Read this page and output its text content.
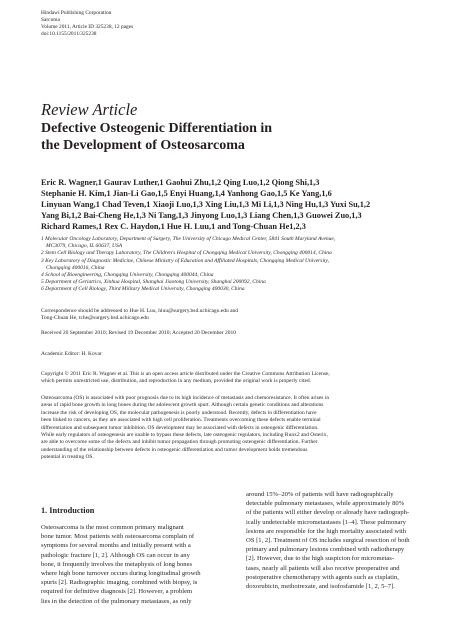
Hindawi Publishing Corporation
Sarcoma
Volume 2011, Article ID 325238, 12 pages
doi:10.1155/2011/325238
Review Article
Defective Osteogenic Differentiation in
the Development of Osteosarcoma
Eric R. Wagner,1 Gaurav Luther,1 Gaohui Zhu,1,2 Qing Luo,1,2 Qiong Shi,1,3
Stephanie H. Kim,1 Jian-Li Gao,1,5 Enyi Huang,1,4 Yanhong Gao,1,5 Ke Yang,1,6
Linyuan Wang,1 Chad Teven,1 Xiaoji Luo,1,3 Xing Liu,1,3 Mi Li,1,3 Ning Hu,1,3 Yuxi Su,1,2
Yang Bi,1,2 Bai-Cheng He,1,3 Ni Tang,1,3 Jinyong Luo,1,3 Liang Chen,1,3 Guowei Zuo,1,3
Richard Rames,1 Rex C. Haydon,1 Hue H. Luu,1 and Tong-Chuan He1,2,3
1 Molecular Oncology Laboratory, Department of Surgery, The University of Chicago Medical Center, 5841 South Maryland Avenue,
MC3079, Chicago, IL 60637, USA
2 Stem Cell Biology and Therapy Laboratory, The Children's Hospital of Chongqing Medical University, Chongqing 400014, China
3 Key Laboratory of Diagnostic Medicine, Chinese Ministry of Education and Affiliated Hospitals, Chongqing Medical University,
Chongqing 400016, China
4 School of Bioengineering, Chongqing University, Chongqing 400044, China
5 Department of Geriatrics, Xinhua Hospital, Shanghai Jiaotong University, Shanghai 200092, China
6 Department of Cell Biology, Third Military Medical University, Chongqing 400030, China
Correspondence should be addressed to Hue H. Luu, hluu@surgery.bsd.uchicago.edu and
Tong-Chuan He, tche@surgery.bsd.uchicago.edu
Received 20 September 2010; Revised 19 December 2010; Accepted 20 December 2010
Academic Editor: H. Kovar
Copyright © 2011 Eric R. Wagner et al. This is an open access article distributed under the Creative Commons Attribution License,
which permits unrestricted use, distribution, and reproduction in any medium, provided the original work is properly cited.
Osteosarcoma (OS) is associated with poor prognosis due to its high incidence of metastasis and chemoresistance. It often arises in
areas of rapid bone growth in long bones during the adolescent growth spurt. Although certain genetic conditions and alterations
increase the risk of developing OS, the molecular pathogenesis is poorly understood. Recently, defects in differentiation have
been linked to cancers, as they are associated with high cell proliferation. Treatments overcoming these defects enable terminal
differentiation and subsequent tumor inhibition. OS development may be associated with defects in osteogenic differentiation.
While early regulators of osteogenesis are unable to bypass these defects, late osteogenic regulators, including Runx2 and Osterix,
are able to overcome some of the defects and inhibit tumor propagation through promoting osteogenic differentiation. Further
understanding of the relationship between defects in osteogenic differentiation and tumor development holds tremendous
potential in treating OS.
1. Introduction
Osteosarcoma is the most common primary malignant
bone tumor. Most patients with osteosarcoma complain of
symptoms for several months and initially present with a
pathologic fracture [1, 2]. Although OS can occur in any
bone, it frequently involves the metaphysis of long bones
where high bone turnover occurs during longitudinal growth
spurts [2]. Radiographic imaging, combined with biopsy, is
required for definitive diagnosis [2]. However, a problem
lies in the detection of the pulmonary metastases, as only
around 15%–20% of patients will have radiographically
detectable pulmonary metastases, while approximately 80%
of the patients will either develop or already have radiograph-
ically undetectable micrometastases [1–4]. These pulmonary
lesions are responsible for the high mortality associated with
OS [1, 2]. Treatment of OS includes surgical resection of both
primary and pulmonary lesions combined with radiotherapy
[2]. However, due to the high suspicion for micrometas-
tases, nearly all patients will also receive preoperative and
postoperative chemotherapy with agents such as cisplatin,
doxorubicin, methotrexate, and isofosfamide [1, 2, 5–7].
